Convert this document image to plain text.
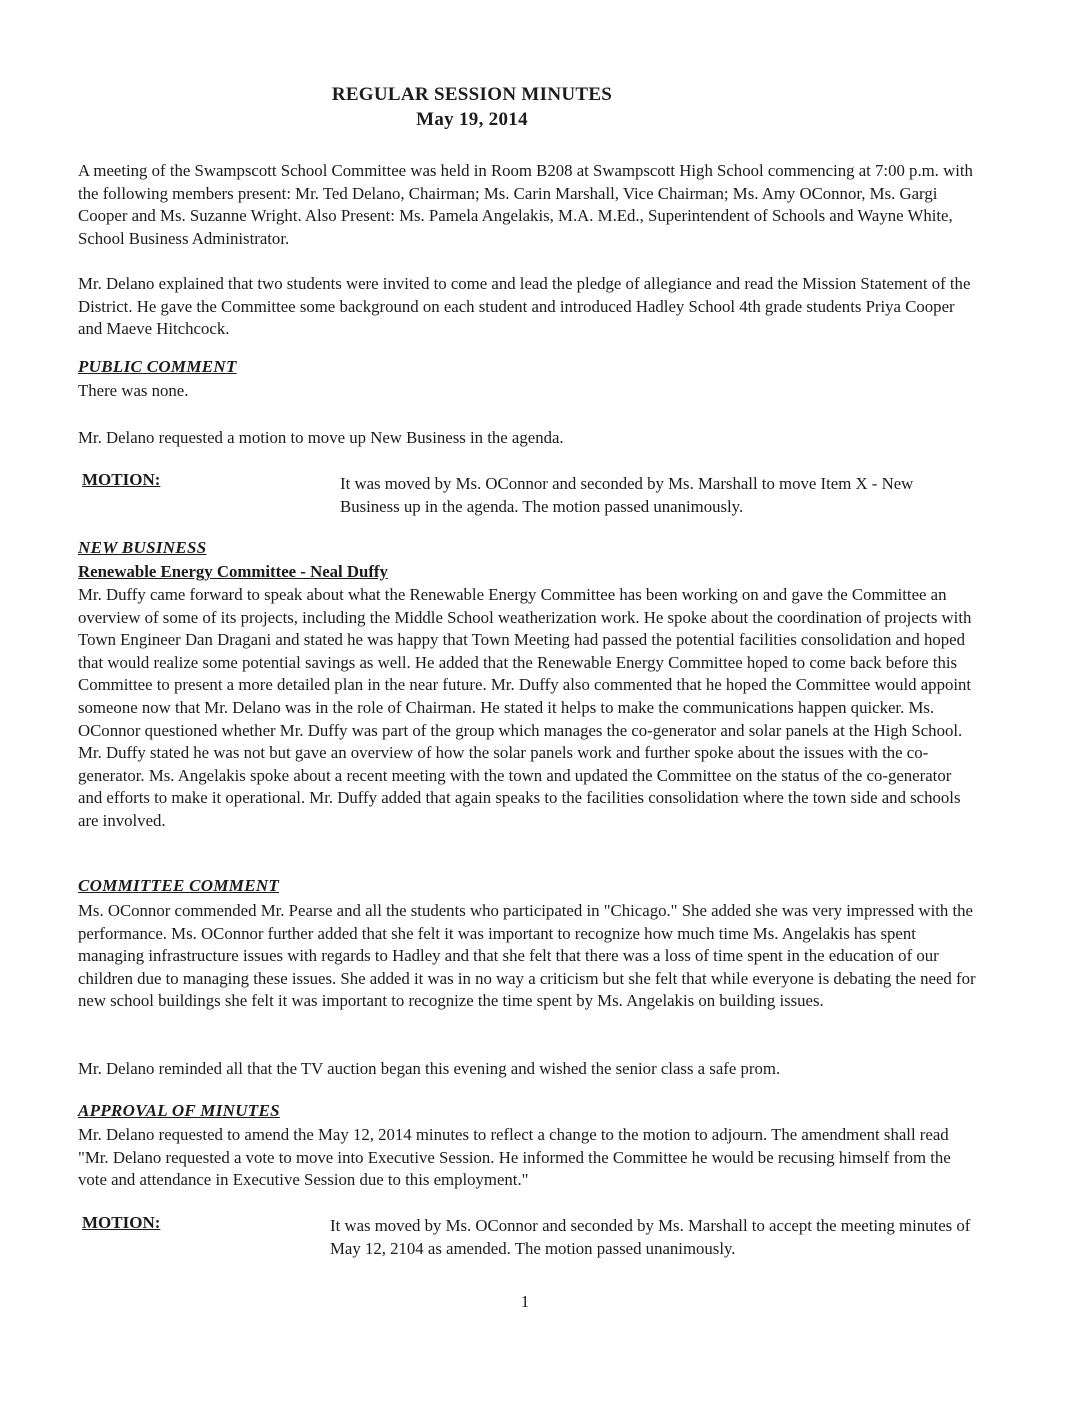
REGULAR SESSION MINUTES
May 19, 2014

A meeting of the Swampscott School Committee was held in Room B208 at Swampscott High School commencing at 7:00 p.m. with the following members present: Mr. Ted Delano, Chairman; Ms. Carin Marshall, Vice Chairman; Ms. Amy OConnor, Ms. Gargi Cooper and Ms. Suzanne Wright. Also Present: Ms. Pamela Angelakis, M.A. M.Ed., Superintendent of Schools and Wayne White, School Business Administrator.

Mr. Delano explained that two students were invited to come and lead the pledge of allegiance and read the Mission Statement of the District. He gave the Committee some background on each student and introduced Hadley School 4th grade students Priya Cooper and Maeve Hitchcock.

PUBLIC COMMENT

There was none.

Mr. Delano requested a motion to move up New Business in the agenda.

MOTION:	It was moved by Ms. OConnor and seconded by Ms. Marshall to move Item X - New Business up in the agenda. The motion passed unanimously.

NEW BUSINESS
Renewable Energy Committee - Neal Duffy

Mr. Duffy came forward to speak about what the Renewable Energy Committee has been working on and gave the Committee an overview of some of its projects, including the Middle School weatherization work. He spoke about the coordination of projects with Town Engineer Dan Dragani and stated he was happy that Town Meeting had passed the potential facilities consolidation and hoped that would realize some potential savings as well. He added that the Renewable Energy Committee hoped to come back before this Committee to present a more detailed plan in the near future. Mr. Duffy also commented that he hoped the Committee would appoint someone now that Mr. Delano was in the role of Chairman. He stated it helps to make the communications happen quicker. Ms. OConnor questioned whether Mr. Duffy was part of the group which manages the co-generator and solar panels at the High School. Mr. Duffy stated he was not but gave an overview of how the solar panels work and further spoke about the issues with the co-generator. Ms. Angelakis spoke about a recent meeting with the town and updated the Committee on the status of the co-generator and efforts to make it operational. Mr. Duffy added that again speaks to the facilities consolidation where the town side and schools are involved.

COMMITTEE COMMENT

Ms. OConnor commended Mr. Pearse and all the students who participated in "Chicago." She added she was very impressed with the performance. Ms. OConnor further added that she felt it was important to recognize how much time Ms. Angelakis has spent managing infrastructure issues with regards to Hadley and that she felt that there was a loss of time spent in the education of our children due to managing these issues. She added it was in no way a criticism but she felt that while everyone is debating the need for new school buildings she felt it was important to recognize the time spent by Ms. Angelakis on building issues.

Mr. Delano reminded all that the TV auction began this evening and wished the senior class a safe prom.

APPROVAL OF MINUTES

Mr. Delano requested to amend the May 12, 2014 minutes to reflect a change to the motion to adjourn. The amendment shall read "Mr. Delano requested a vote to move into Executive Session. He informed the Committee he would be recusing himself from the vote and attendance in Executive Session due to this employment."

MOTION:	It was moved by Ms. OConnor and seconded by Ms. Marshall to accept the meeting minutes of May 12, 2104 as amended. The motion passed unanimously.

1
